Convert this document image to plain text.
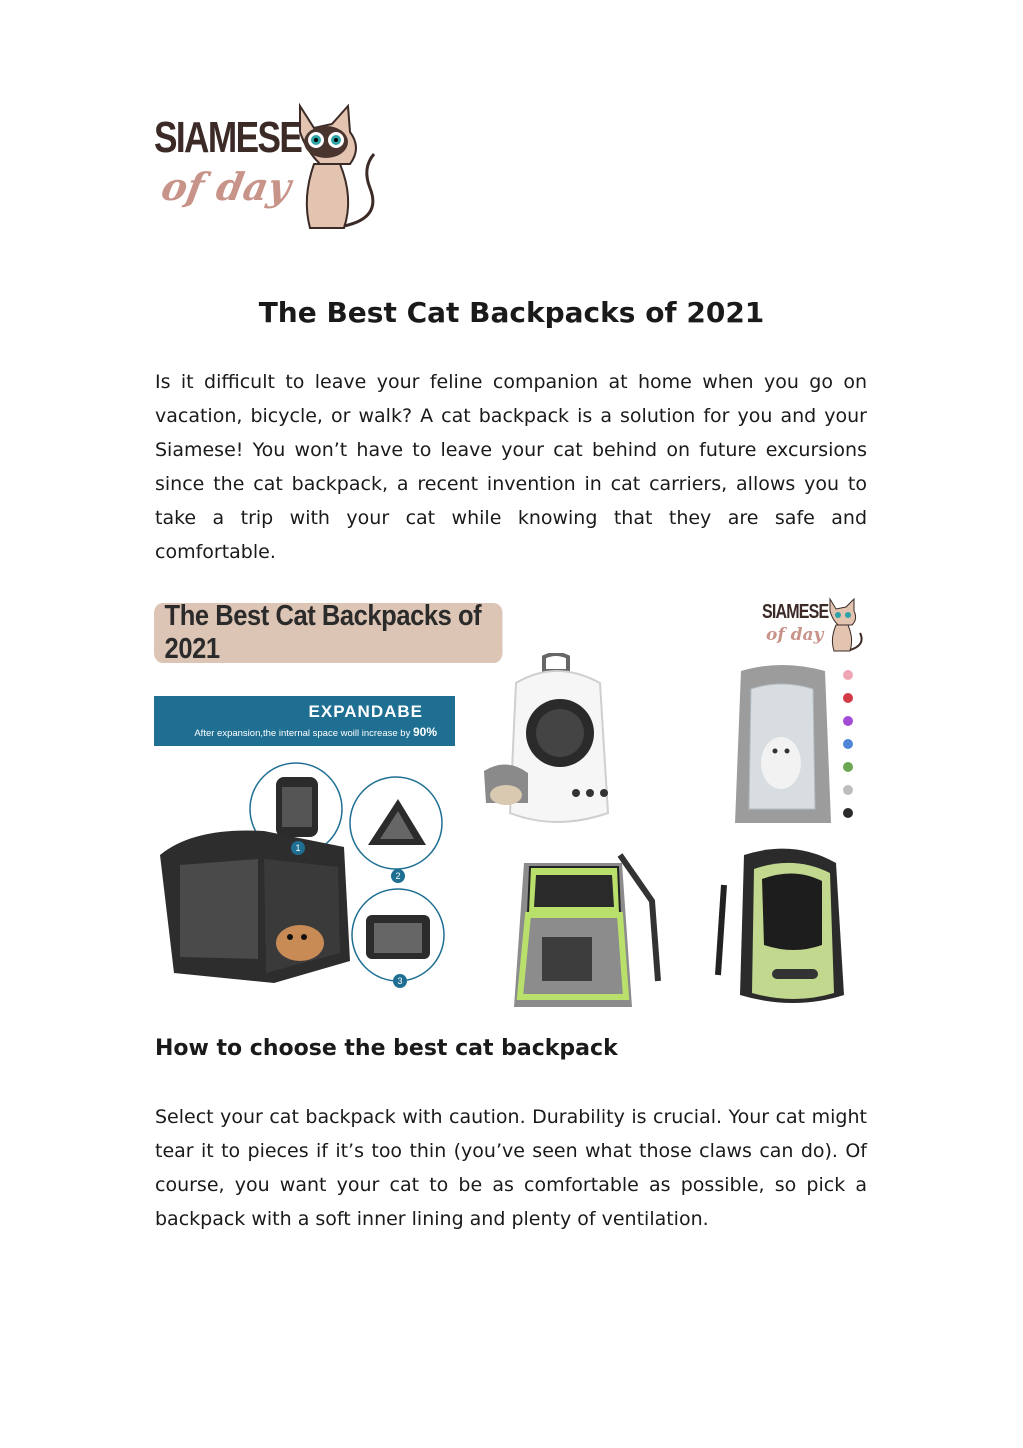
SIAMESE
of day
The Best Cat Backpacks of 2021

Is it difficult to leave your feline companion at home when you go on vacation, bicycle, or walk? A cat backpack is a solution for you and your Siamese! You won’t have to leave your cat behind on future excursions since the cat backpack, a recent invention in cat carriers, allows you to take a trip with your cat while knowing that they are safe and comfortable.

The Best Cat Backpacks of 2021
SIAMESE
of day
EXPANDABE
After expansion,the internal space woill increase by 90%
1
2
3
How to choose the best cat backpack

Select your cat backpack with caution. Durability is crucial. Your cat might tear it to pieces if it’s too thin (you’ve seen what those claws can do). Of course, you want your cat to be as comfortable as possible, so pick a backpack with a soft inner lining and plenty of ventilation.
